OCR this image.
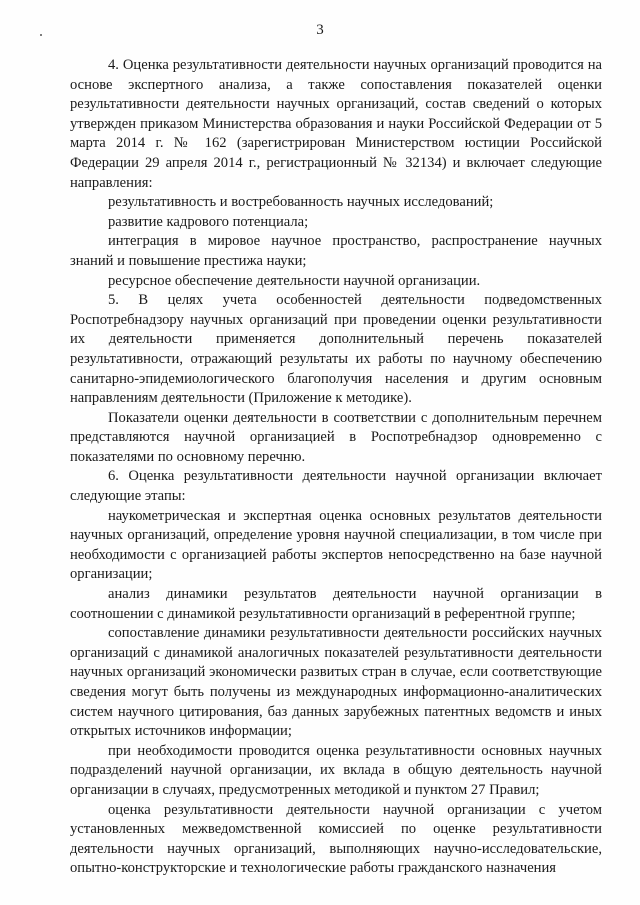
3

4. Оценка результативности деятельности научных организаций проводится на основе экспертного анализа, а также сопоставления показателей оценки результативности деятельности научных организаций, состав сведений о которых утвержден приказом Министерства образования и науки Российской Федерации от 5 марта 2014 г. № 162 (зарегистрирован Министерством юстиции Российской Федерации 29 апреля 2014 г., регистрационный № 32134) и включает следующие направления:

результативность и востребованность научных исследований;

развитие кадрового потенциала;

интеграция в мировое научное пространство, распространение научных знаний и повышение престижа науки;

ресурсное обеспечение деятельности научной организации.

5. В целях учета особенностей деятельности подведомственных Роспотребнадзору научных организаций при проведении оценки результативности их деятельности применяется дополнительный перечень показателей результативности, отражающий результаты их работы по научному обеспечению санитарно-эпидемиологического благополучия населения и другим основным направлениям деятельности (Приложение к методике).

Показатели оценки деятельности в соответствии с дополнительным перечнем представляются научной организацией в Роспотребнадзор одновременно с показателями по основному перечню.

6. Оценка результативности деятельности научной организации включает следующие этапы:

наукометрическая и экспертная оценка основных результатов деятельности научных организаций, определение уровня научной специализации, в том числе при необходимости с организацией работы экспертов непосредственно на базе научной организации;

анализ динамики результатов деятельности научной организации в соотношении с динамикой результативности организаций в референтной группе;

сопоставление динамики результативности деятельности российских научных организаций с динамикой аналогичных показателей результативности деятельности научных организаций экономически развитых стран в случае, если соответствующие сведения могут быть получены из международных информационно-аналитических систем научного цитирования, баз данных зарубежных патентных ведомств и иных открытых источников информации;

при необходимости проводится оценка результативности основных научных подразделений научной организации, их вклада в общую деятельность научной организации в случаях, предусмотренных методикой и пунктом 27 Правил;

оценка результативности деятельности научной организации с учетом установленных межведомственной комиссией по оценке результативности деятельности научных организаций, выполняющих научно-исследовательские, опытно-конструкторские и технологические работы гражданского назначения
